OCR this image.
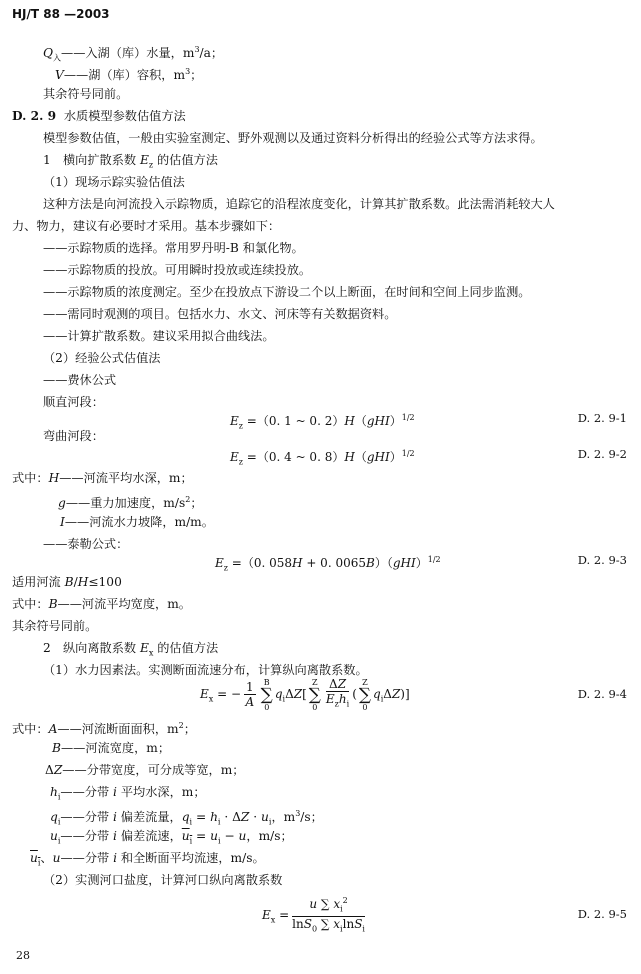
HJ/T 88 —2003
$Q_入——$入湖（库）水量，$m^3/a$；
V——湖（库）容积，$m^3$；
其余符号同前。
D. 2. 9 水质模型参数估值方法
模型参数估值，一般由实验室测定、野外观测以及通过资料分析得出的经验公式等方法求得。
1　横向扩散系数 $E_z$ 的估值方法
（1）现场示踪实验估值法
这种方法是向河流投入示踪物质，追踪它的沿程浓度变化，计算其扩散系数。此法需消耗较大人
力、物力，建议有必要时才采用。基本步骤如下：
——示踪物质的选择。常用罗丹明-B 和氯化物。
——示踪物质的投放。可用瞬时投放或连续投放。
——示踪物质的浓度测定。至少在投放点下游设二个以上断面，在时间和空间上同步监测。
——需同时观测的项目。包括水力、水文、河床等有关数据资料。
——计算扩散系数。建议采用拟合曲线法。
（2）经验公式估值法
——费休公式
顺直河段：
$E_z =(0$. 1 ~ 0. 2）H（gHI）$^{1/2}$	D. 2. 9-1
弯曲河段：
$E_z =(0$. 4 ~ 0. 8）H（gHI）$^{1/2}$	D. 2. 9-2
式中：H——河流平均水深，m；
g——重力加速度，$m/s^2$；
I——河流水力坡降，m/m。
——泰勒公式：
$E_z =(0$. 058H + 0. 0065B）（gHI）$^{1/2}$	D. 2. 9-3
适用河流 B/H≤100
式中：B——河流平均宽度，m。
其余符号同前。
2　纵向离散系数 $E_x$ 的估值方法
（1）水力因素法。实测断面流速分布，计算纵向离散系数。
$E_x$ = − $\frac{1}{A}$ B
∑
$0q_i\Delta Z[Z$
∑
$0 \frac{\Delta Z}{E_zh_i} (Z$
∑
$0q_i\Delta Z$)]	D. 2. 9-4
式中：A——河流断面面积，$m^2$；
B——河流宽度，m；
ΔZ——分带宽度，可分成等宽，m；
$h_i——$分带 i 平均水深，m；
$q_i——$分带 i 偏差流量，$q_i = h_i \cdot \Delta Z \cdot u_i$，$m^3/s$；
$u_i——$分带 i 偏差流速，$u_i = u_i - u$，m/s；
$u_i$、u——分带 i 和全断面平均流速，m/s。
（2）实测河口盐度，计算河口纵向离散系数
$E_x = \frac{u \sum x_i^2}{\ln S_0 \sum x_i\ln S_i}$	D. 2. 9-5
28
